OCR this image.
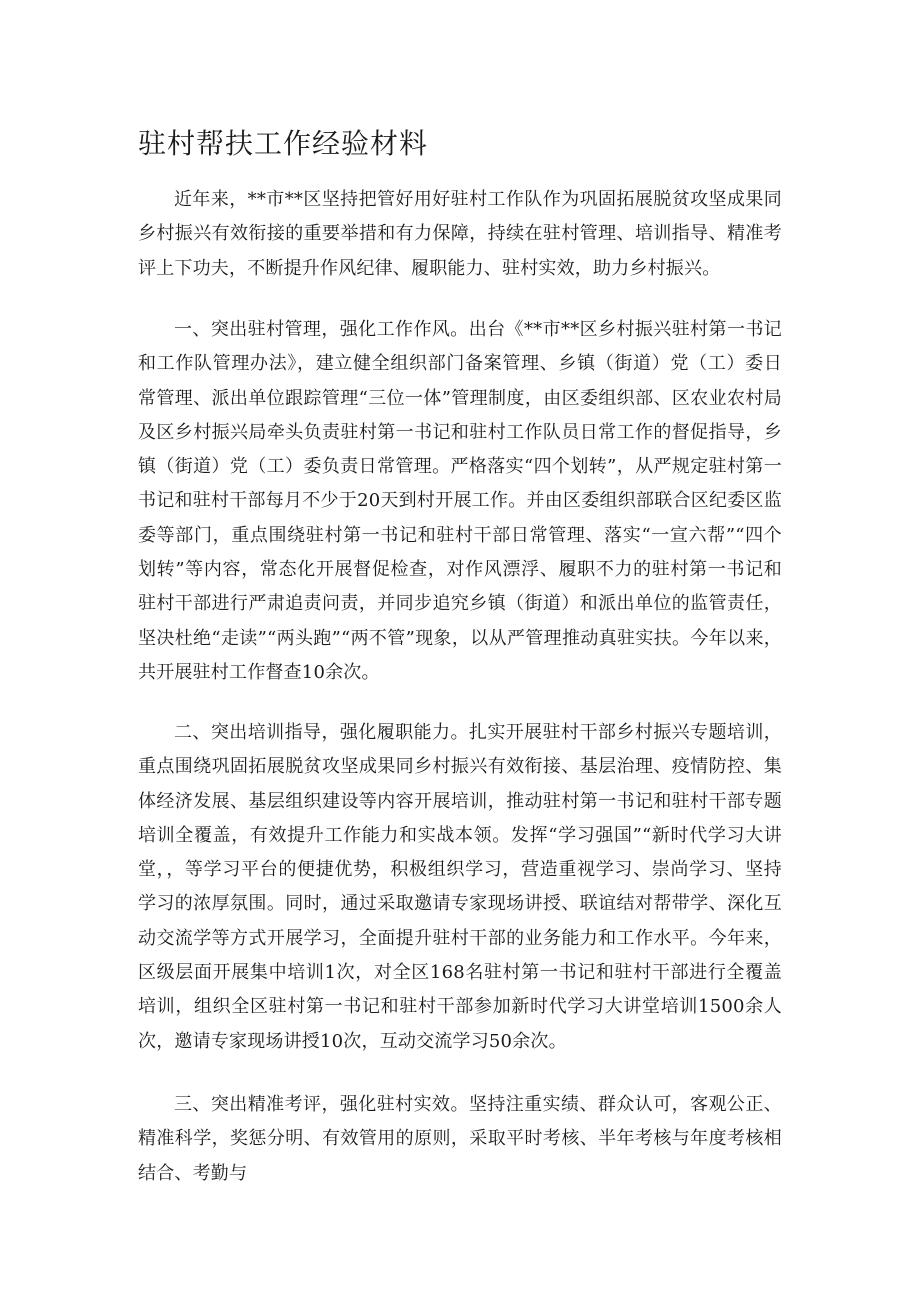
驻村帮扶工作经验材料

近年来，**市**区坚持把管好用好驻村工作队作为巩固拓展脱贫攻坚成果同乡村振兴有效衔接的重要举措和有力保障，持续在驻村管理、培训指导、精准考评上下功夫，不断提升作风纪律、履职能力、驻村实效，助力乡村振兴。

一、突出驻村管理，强化工作作风。出台《**市**区乡村振兴驻村第一书记和工作队管理办法》，建立健全组织部门备案管理、乡镇（街道）党（工）委日常管理、派出单位跟踪管理“三位一体”管理制度，由区委组织部、区农业农村局及区乡村振兴局牵头负责驻村第一书记和驻村工作队员日常工作的督促指导，乡镇（街道）党（工）委负责日常管理。严格落实“四个划转”，从严规定驻村第一书记和驻村干部每月不少于20天到村开展工作。并由区委组织部联合区纪委区监委等部门，重点围绕驻村第一书记和驻村干部日常管理、落实“一宣六帮”“四个划转”等内容，常态化开展督促检查，对作风漂浮、履职不力的驻村第一书记和驻村干部进行严肃追责问责，并同步追究乡镇（街道）和派出单位的监管责任，坚决杜绝“走读”“两头跑”“两不管”现象，以从严管理推动真驻实扶。今年以来，共开展驻村工作督查10余次。

二、突出培训指导，强化履职能力。扎实开展驻村干部乡村振兴专题培训，重点围绕巩固拓展脱贫攻坚成果同乡村振兴有效衔接、基层治理、疫情防控、集体经济发展、基层组织建设等内容开展培训，推动驻村第一书记和驻村干部专题培训全覆盖，有效提升工作能力和实战本领。发挥“学习强国”“新时代学习大讲堂，，等学习平台的便捷优势，积极组织学习，营造重视学习、崇尚学习、坚持学习的浓厚氛围。同时，通过采取邀请专家现场讲授、联谊结对帮带学、深化互动交流学等方式开展学习，全面提升驻村干部的业务能力和工作水平。今年来，区级层面开展集中培训1次，对全区168名驻村第一书记和驻村干部进行全覆盖培训，组织全区驻村第一书记和驻村干部参加新时代学习大讲堂培训1500余人次，邀请专家现场讲授10次，互动交流学习50余次。

三、突出精准考评，强化驻村实效。坚持注重实绩、群众认可，客观公正、精准科学，奖惩分明、有效管用的原则，采取平时考核、半年考核与年度考核相结合、考勤与
